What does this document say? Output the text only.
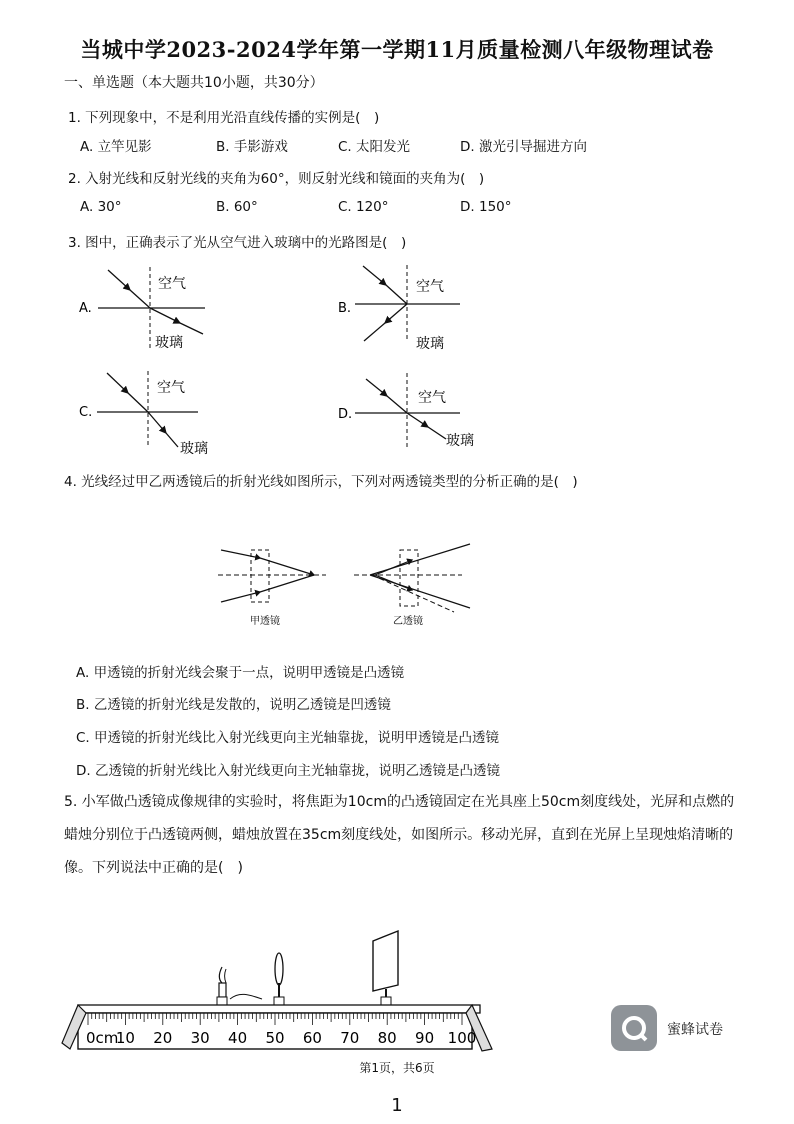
当城中学2023-2024学年第一学期11月质量检测八年级物理试卷
一、单选题（本大题共10小题，共30分）
1. 下列现象中，不是利用光沿直线传播的实例是(　)
A. 立竿见影	B. 手影游戏	C. 太阳发光	D. 激光引导掘进方向
2. 入射光线和反射光线的夹角为60°，则反射光线和镜面的夹角为(　)
A. 30°	B. 60°	C. 120°	D. 150°
3. 图中，正确表示了光从空气进入玻璃中的光路图是(　)
A.
空气
玻璃
B.
空气
玻璃
C.
空气
玻璃
D.
空气
玻璃
4. 光线经过甲乙两透镜后的折射光线如图所示，下列对两透镜类型的分析正确的是(　)
甲透镜	乙透镜
A. 甲透镜的折射光线会聚于一点，说明甲透镜是凸透镜
B. 乙透镜的折射光线是发散的，说明乙透镜是凹透镜
C. 甲透镜的折射光线比入射光线更向主光轴靠拢，说明甲透镜是凸透镜
D. 乙透镜的折射光线比入射光线更向主光轴靠拢，说明乙透镜是凸透镜
5. 小军做凸透镜成像规律的实验时，将焦距为10cm的凸透镜固定在光具座上50cm刻度线处，光屏和点燃的
蜡烛分别位于凸透镜两侧，蜡烛放置在35cm刻度线处，如图所示。移动光屏，直到在光屏上呈现烛焰清晰的
像。下列说法中正确的是(　)
0cm
10 20 30 40 50 60 70 80 90 100	蜜蜂试卷
第1页，共6页
1
